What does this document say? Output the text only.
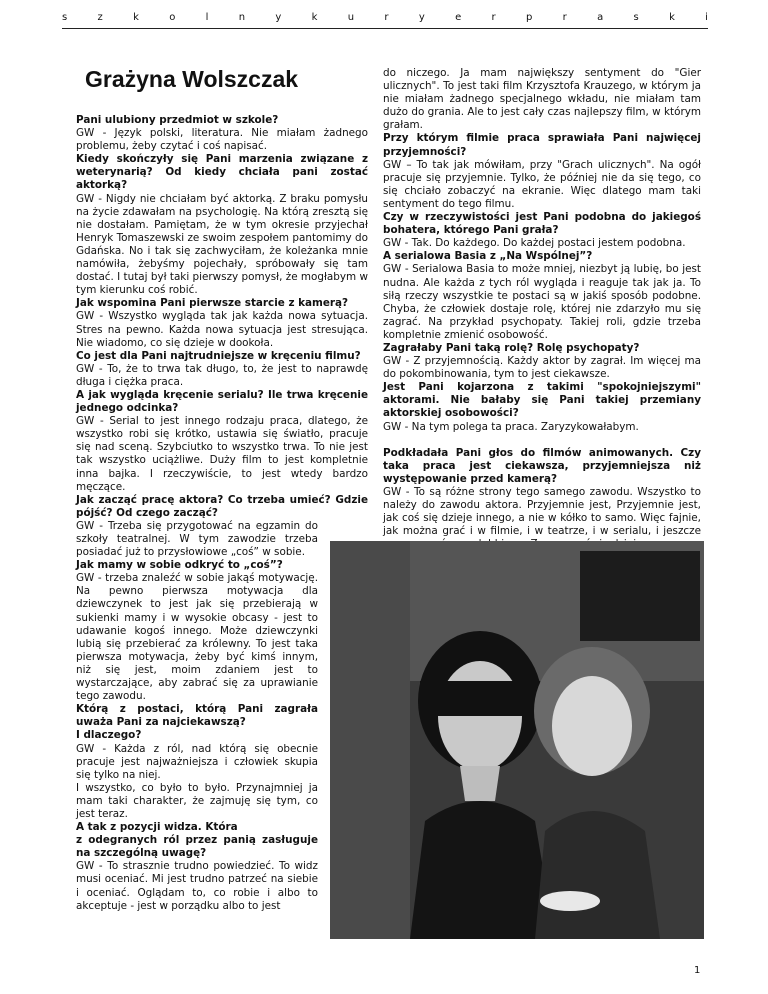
s	z	k	o	l	n	y	k	u	r	y	e	r	p	r	a	s	k	i
Grażyna Wolszczak

Pani ulubiony przedmiot w szkole?

GW - Język polski, literatura. Nie miałam żadnego problemu, żeby czytać i coś napisać.

Kiedy skończyły się Pani marzenia związane z weterynarią? Od kiedy chciała pani zostać aktorką?

GW - Nigdy nie chciałam być aktorką. Z braku pomysłu na życie zdawałam na psychologię. Na którą zresztą się nie dostałam. Pamiętam, że w tym okresie przyjechał Henryk Tomaszewski ze swoim zespołem pantomimy do Gdańska. No i tak się zachwyciłam, że koleżanka mnie namówiła, żebyśmy pojechały, spróbowały się tam dostać. I tutaj był taki pierwszy pomysł, że mogłabym w tym kierunku coś robić.

Jak wspomina Pani pierwsze starcie z kamerą?

GW - Wszystko wygląda tak jak każda nowa sytuacja. Stres na pewno. Każda nowa sytuacja jest stresująca. Nie wiadomo, co się dzieje w dookoła.

Co jest dla Pani najtrudniejsze w kręceniu filmu?

GW - To, że to trwa tak długo, to, że jest to naprawdę długa i ciężka praca.

A jak wygląda kręcenie serialu? Ile trwa kręcenie jednego odcinka?

GW - Serial to jest innego rodzaju praca, dlatego, że wszystko robi się krótko, ustawia się światło, pracuje się nad sceną. Szybciutko to wszystko trwa. To nie jest tak wszystko uciążliwe. Duży film to jest kompletnie inna bajka. I rzeczywiście, to jest wtedy bardzo męczące.

Jak zacząć pracę aktora? Co trzeba umieć? Gdzie pójść? Od czego zacząć?

GW - Trzeba się przygotować na egzamin do szkoły teatralnej. W tym zawodzie trzeba posiadać już to przysłowiowe „coś” w sobie.

Jak mamy w sobie odkryć to „coś”?

GW - trzeba znaleźć w sobie jakąś motywację. Na pewno pierwsza motywacja dla dziewczynek to jest jak się przebierają w sukienki mamy i w wysokie obcasy - jest to udawanie kogoś innego. Może dziewczynki lubią się przebierać za królewny. To jest taka pierwsza motywacja, żeby być kimś innym, niż się jest, moim zdaniem jest to wystarczające, aby zabrać się za uprawianie tego zawodu.

Którą z postaci, którą Pani zagrała uważa Pani za najciekawszą?

I dlaczego?

GW - Każda z ról, nad którą się obecnie pracuje jest najważniejsza i człowiek skupia się tylko na niej.

I wszystko, co było to było. Przynajmniej ja mam taki charakter, że zajmuję się tym, co jest teraz.

A tak z pozycji widza. Która

z odegranych ról przez panią zasługuje na szczególną uwagę?

GW - To strasznie trudno powiedzieć. To widz musi oceniać. Mi jest trudno patrzeć na siebie i oceniać. Oglądam to, co robie i albo to akceptuje - jest w porządku albo to jest

do niczego. Ja mam największy sentyment do "Gier ulicznych". To jest taki film Krzysztofa Krauzego, w którym ja nie miałam żadnego specjalnego wkładu, nie miałam tam dużo do grania. Ale to jest cały czas najlepszy film, w którym grałam.

Przy którym filmie praca sprawiała Pani najwięcej przyjemności?

GW – To tak jak mówiłam, przy "Grach ulicznych". Na ogół pracuje się przyjemnie. Tylko, że później nie da się tego, co się chciało zobaczyć na ekranie. Więc dlatego mam taki sentyment do tego filmu.

Czy w rzeczywistości jest Pani podobna do jakiegoś bohatera, którego Pani grała?

GW - Tak. Do każdego. Do każdej postaci jestem podobna.

A serialowa Basia z „Na Wspólnej”?

GW - Serialowa Basia to może mniej, niezbyt ją lubię, bo jest nudna. Ale każda z tych ról wygląda i reaguje tak jak ja. To siłą rzeczy wszystkie te postaci są w jakiś sposób podobne. Chyba, że człowiek dostaje rolę, której nie zdarzyło mu się zagrać. Na przykład psychopaty. Takiej roli, gdzie trzeba kompletnie zmienić osobowość.

Zagrałaby Pani taką rolę? Rolę psychopaty?

GW - Z przyjemnością. Każdy aktor by zagrał. Im więcej ma do pokombinowania, tym to jest ciekawsze.

Jest Pani kojarzona z takimi "spokojniejszymi" aktorami. Nie bałaby się Pani takiej przemiany aktorskiej osobowości?

GW - Na tym polega ta praca. Zaryzykowałabym.

Podkładała Pani głos do filmów animowanych. Czy taka praca jest ciekawsza, przyjemniejsza niż występowanie przed kamerą?

GW - To są różne strony tego samego zawodu. Wszystko to należy do zawodu aktora. Przyjemnie jest, Przyjemnie jest, jak coś się dzieje innego, a nie w kółko to samo. Więc fajnie, jak można grać i w filmie, i w teatrze, i w serialu, i jeszcze

1
